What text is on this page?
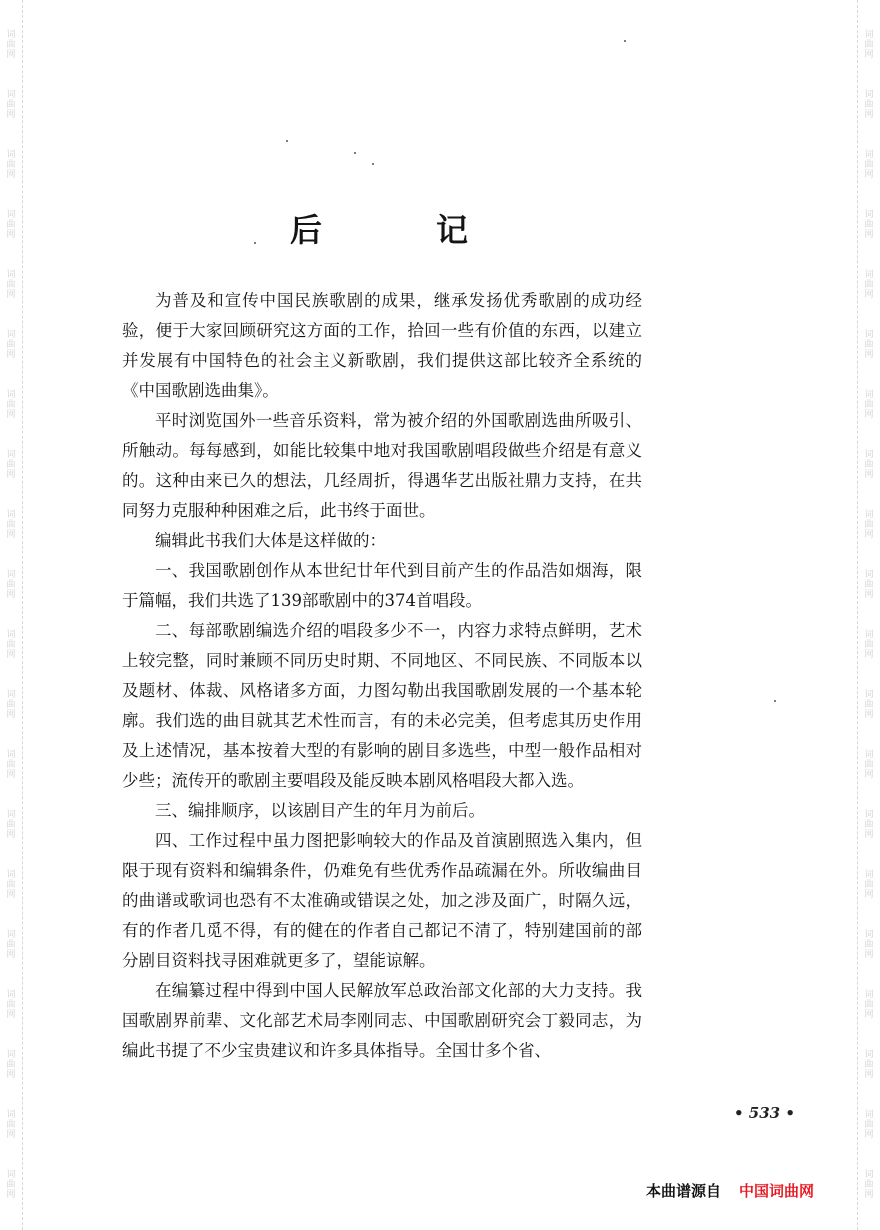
词曲网
词曲网
词曲网
词曲网
词曲网
词曲网
词曲网
词曲网
词曲网
词曲网
词曲网
词曲网
词曲网
词曲网
词曲网
词曲网
词曲网
词曲网
词曲网
词曲网
词曲网
词曲网
词曲网
词曲网
词曲网
词曲网
词曲网
词曲网
词曲网
词曲网
词曲网
词曲网
词曲网
词曲网
词曲网
词曲网
词曲网
词曲网
词曲网
词曲网
后	记

为普及和宣传中国民族歌剧的成果，继承发扬优秀歌剧的成功经验，便于大家回顾研究这方面的工作，拾回一些有价值的东西，以建立并发展有中国特色的社会主义新歌剧，我们提供这部比较齐全系统的《中国歌剧选曲集》。

平时浏览国外一些音乐资料，常为被介绍的外国歌剧选曲所吸引、所触动。每每感到，如能比较集中地对我国歌剧唱段做些介绍是有意义的。这种由来已久的想法，几经周折，得遇华艺出版社鼎力支持，在共同努力克服种种困难之后，此书终于面世。

编辑此书我们大体是这样做的：

一、我国歌剧创作从本世纪廿年代到目前产生的作品浩如烟海，限于篇幅，我们共选了139部歌剧中的374首唱段。

二、每部歌剧编选介绍的唱段多少不一，内容力求特点鲜明，艺术上较完整，同时兼顾不同历史时期、不同地区、不同民族、不同版本以及题材、体裁、风格诸多方面，力图勾勒出我国歌剧发展的一个基本轮廓。我们选的曲目就其艺术性而言，有的未必完美，但考虑其历史作用及上述情况，基本按着大型的有影响的剧目多选些，中型一般作品相对少些；流传开的歌剧主要唱段及能反映本剧风格唱段大都入选。

三、编排顺序，以该剧目产生的年月为前后。

四、工作过程中虽力图把影响较大的作品及首演剧照选入集内，但限于现有资料和编辑条件，仍难免有些优秀作品疏漏在外。所收编曲目的曲谱或歌词也恐有不太准确或错误之处，加之涉及面广，时隔久远，有的作者几觅不得，有的健在的作者自己都记不清了，特别建国前的部分剧目资料找寻困难就更多了，望能谅解。

在编纂过程中得到中国人民解放军总政治部文化部的大力支持。我国歌剧界前辈、文化部艺术局李刚同志、中国歌剧研究会丁毅同志，为编此书提了不少宝贵建议和许多具体指导。全国廿多个省、

• 533 •
本曲谱源自 中国词曲网
